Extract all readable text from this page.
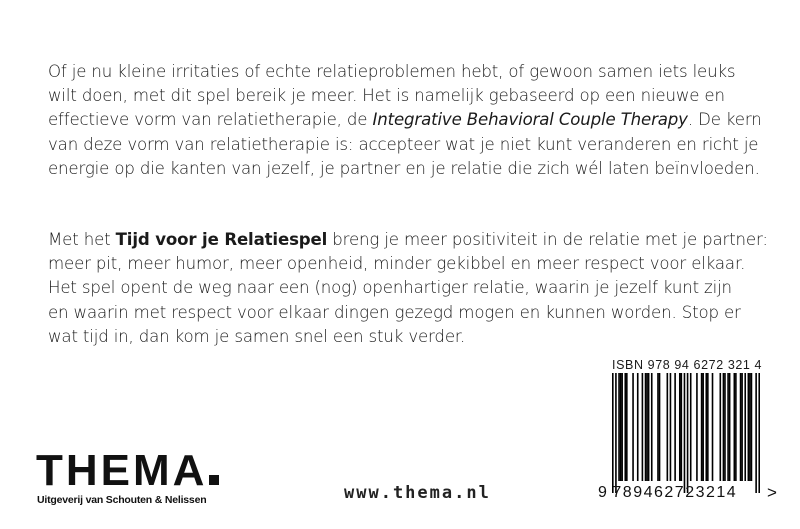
Of je nu kleine irritaties of echte relatieproblemen hebt, of gewoon samen iets leuks
wilt doen, met dit spel bereik je meer. Het is namelijk gebaseerd op een nieuwe en
effectieve vorm van relatietherapie, de Integrative Behavioral Couple Therapy. De kern
van deze vorm van relatietherapie is: accepteer wat je niet kunt veranderen en richt je
energie op die kanten van jezelf, je partner en je relatie die zich wél laten beïnvloeden.
Met het Tijd voor je Relatiespel breng je meer positiviteit in de relatie met je partner:
meer pit, meer humor, meer openheid, minder gekibbel en meer respect voor elkaar.
Het spel opent de weg naar een (nog) openhartiger relatie, waarin je jezelf kunt zijn
en waarin met respect voor elkaar dingen gezegd mogen en kunnen worden. Stop er
wat tijd in, dan kom je samen snel een stuk verder.
ISBN 978 94 6272 321 4
9 789462723214 >
THEMA
Uitgeverij van Schouten & Nelissen	www.thema.nl
